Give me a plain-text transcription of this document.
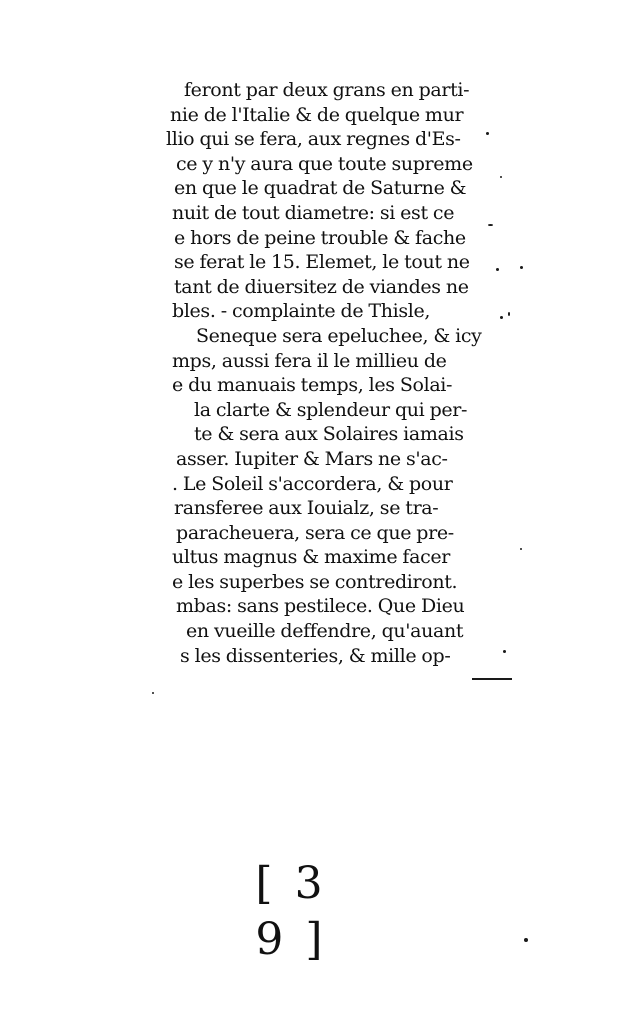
feront par deux grans en parti-
nie de l'Italie & de quelque mur
llio qui se fera, aux regnes d'Es-
ce y n'y aura que toute supreme
en que le quadrat de Saturne &
nuit de tout diametre: si est ce
e hors de peine trouble & fache
se ferat le 15. Elemet, le tout ne
tant de diuersitez de viandes ne
bles. - complainte de Thisle,
Seneque sera epeluchee, & icy
mps, aussi fera il le millieu de
e du manuais temps, les Solai-
la clarte & splendeur qui per-
te & sera aux Solaires iamais
asser. Iupiter & Mars ne s'ac-
. Le Soleil s'accordera, & pour
ransferee aux Iouialz, se tra-
paracheuera, sera ce que pre-
ultus magnus & maxime facer
e les superbes se contrediront.
mbas: sans pestilece. Que Dieu
en vueille deffendre, qu'auant
s les dissenteries, & mille op-
[ 3 9 ]
